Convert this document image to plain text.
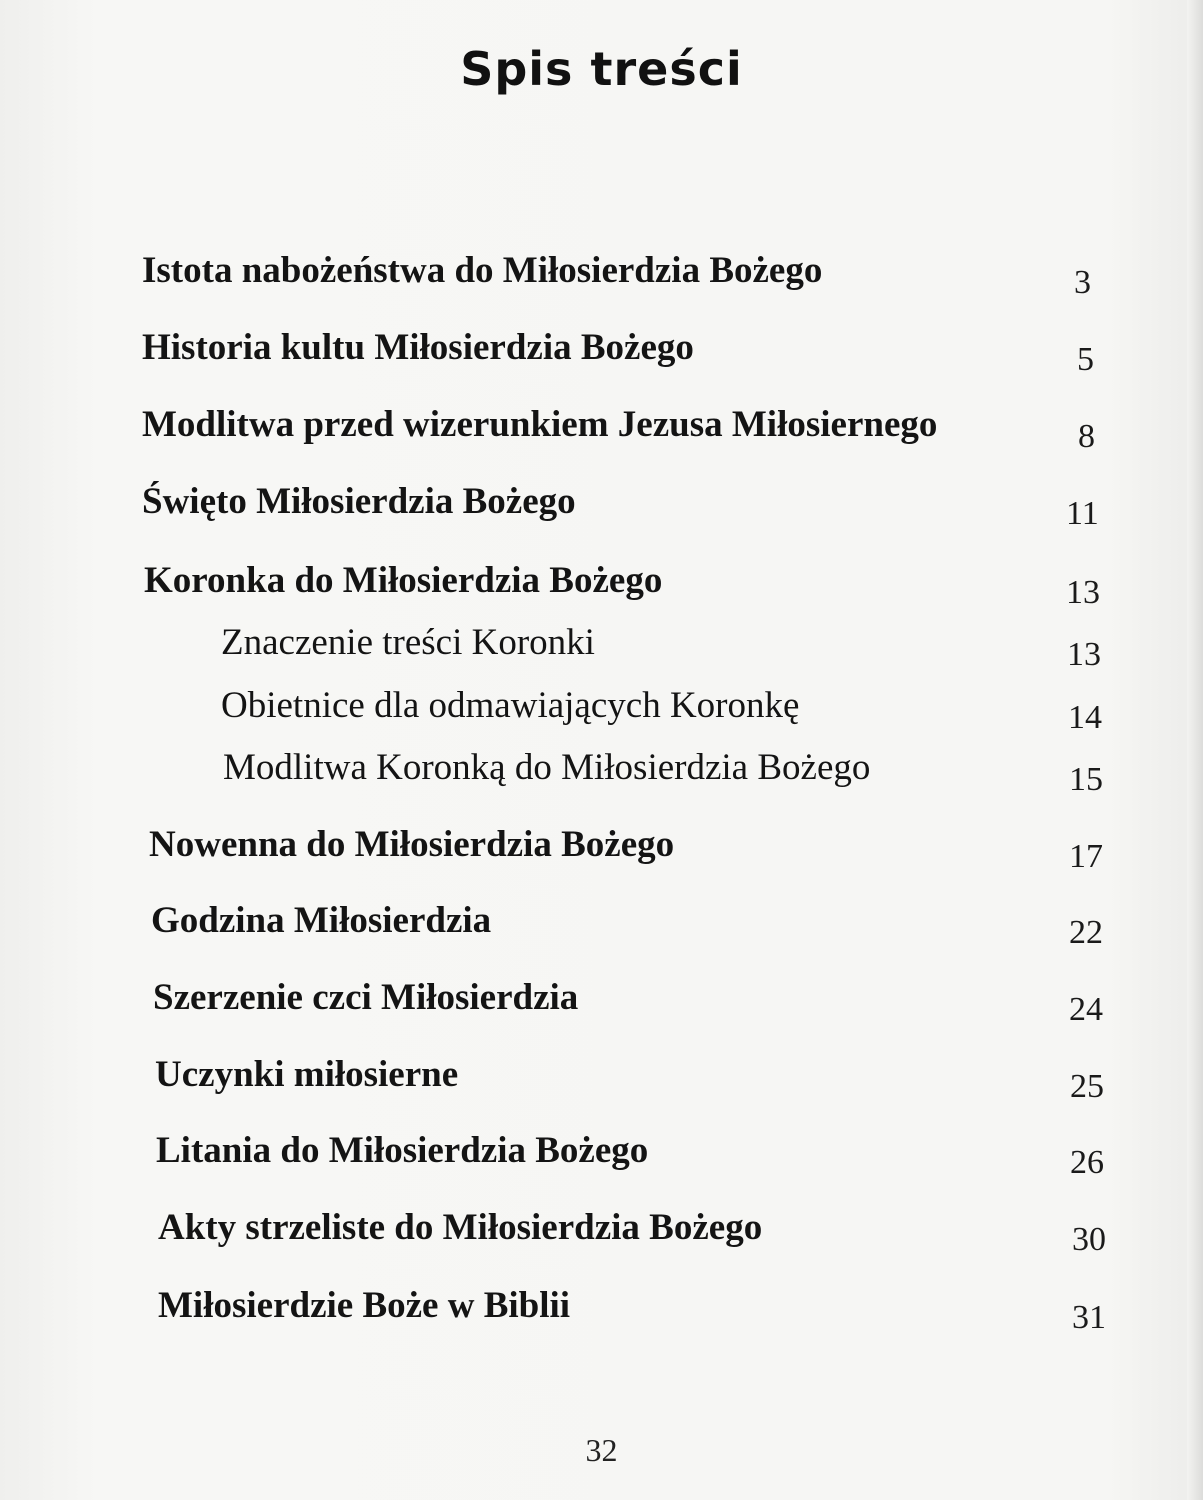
Spis treści
Istota nabożeństwa do Miłosierdzia Bożego	3
Historia kultu Miłosierdzia Bożego	5
Modlitwa przed wizerunkiem Jezusa Miłosiernego	8
Święto Miłosierdzia Bożego	11
Koronka do Miłosierdzia Bożego	13
Znaczenie treści Koronki	13
Obietnice dla odmawiających Koronkę	14
Modlitwa Koronką do Miłosierdzia Bożego	15
Nowenna do Miłosierdzia Bożego	17
Godzina Miłosierdzia	22
Szerzenie czci Miłosierdzia	24
Uczynki miłosierne	25
Litania do Miłosierdzia Bożego	26
Akty strzeliste do Miłosierdzia Bożego	30
Miłosierdzie Boże w Biblii	31
32
